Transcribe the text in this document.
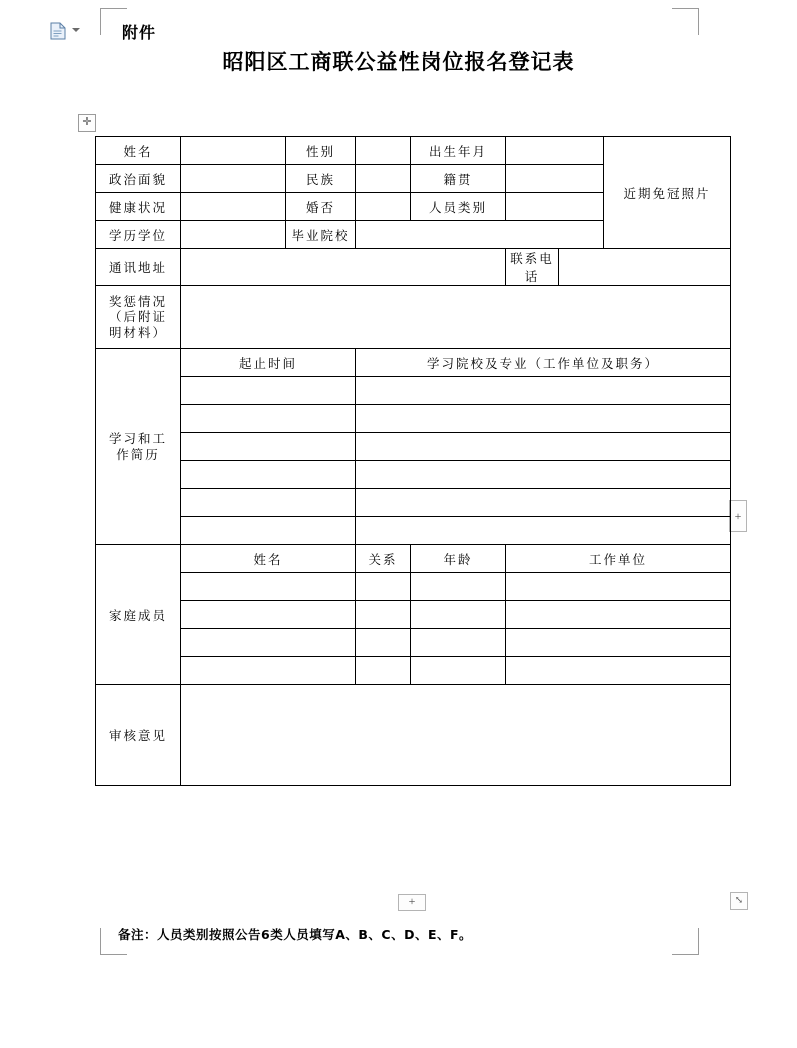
✛
+
+	⤡
附件
昭阳区工商联公益性岗位报名登记表
姓名		性别		出生年月			近期免冠照片
政治面貌		民族		籍贯			
健康状况		婚否		人员类别			
学历学位		毕业院校					
通讯地址					联系电话		

奖惩情况
（后附证
明材料）							

学习和工
作简历	起止时间		学习院校及专业（工作单位及职务）				

家庭成员	姓名		关系	年龄	工作单位		

审核意见							
备注：人员类别按照公告6类人员填写A、B、C、D、E、F。
